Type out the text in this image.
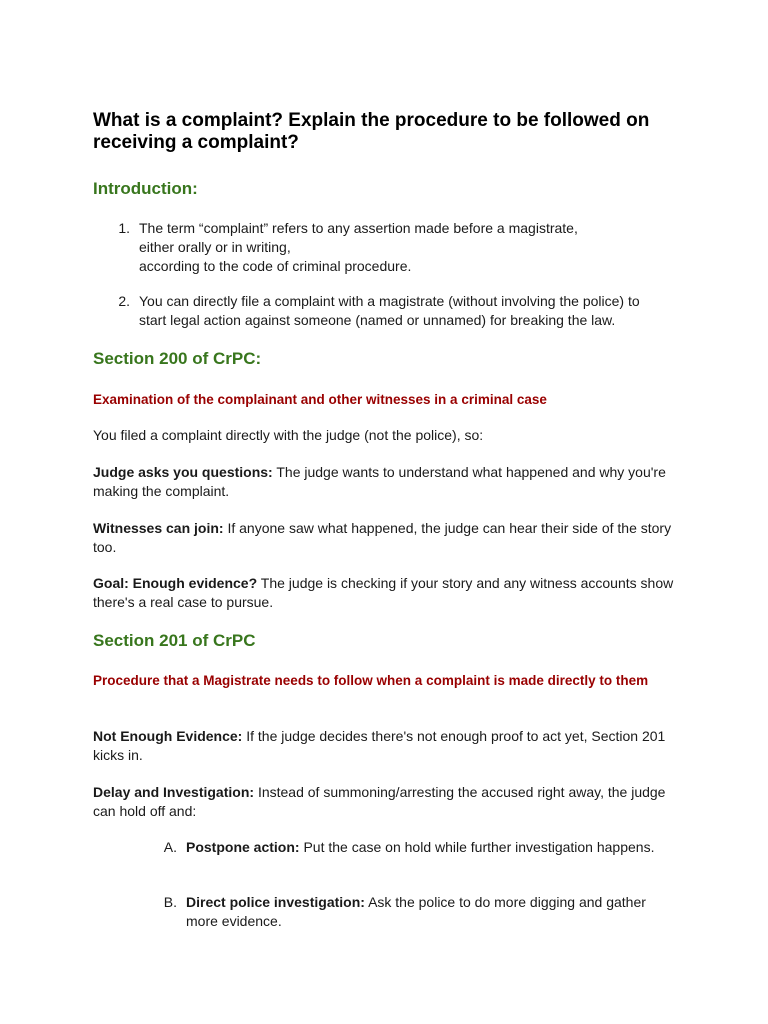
What is a complaint? Explain the procedure to be followed on receiving a complaint?
Introduction:
1. The term “complaint” refers to any assertion made before a magistrate,
either orally or in writing,
according to the code of criminal procedure.
2. You can directly file a complaint with a magistrate (without involving the police) to
start legal action against someone (named or unnamed) for breaking the law.
Section 200 of CrPC:
Examination of the complainant and other witnesses in a criminal case
You filed a complaint directly with the judge (not the police), so:
Judge asks you questions: The judge wants to understand what happened and why you're making the complaint.
Witnesses can join: If anyone saw what happened, the judge can hear their side of the story too.
Goal: Enough evidence? The judge is checking if your story and any witness accounts show there's a real case to pursue.
Section 201 of CrPC
Procedure that a Magistrate needs to follow when a complaint is made directly to them
Not Enough Evidence: If the judge decides there's not enough proof to act yet, Section 201 kicks in.
Delay and Investigation: Instead of summoning/arresting the accused right away, the judge can hold off and:
A. Postpone action: Put the case on hold while further investigation happens.
B. Direct police investigation: Ask the police to do more digging and gather more evidence.
